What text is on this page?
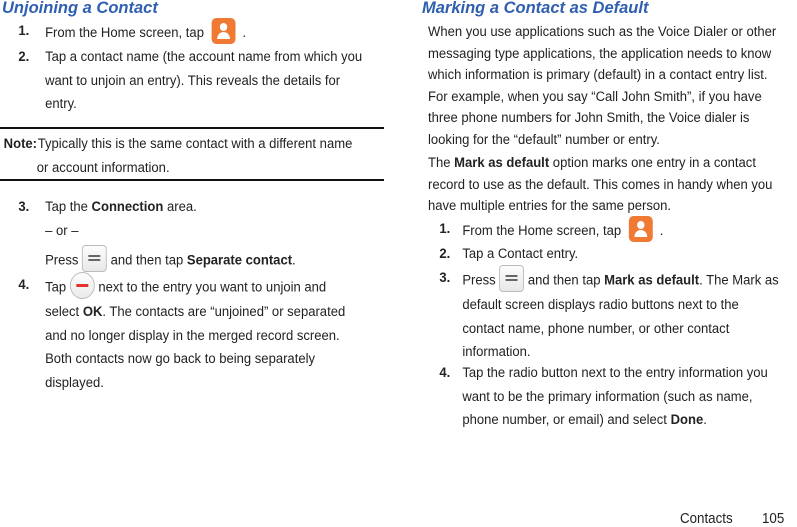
Unjoining a Contact
1. From the Home screen, tap	.
2. Tap a contact name (the account name from which you
want to unjoin an entry). This reveals the details for
entry.
Note: Typically this is the same contact with a different name
or account information.
3. Tap the Connection area.
– or –
Press and then tap Separate contact.
4. Tap next to the entry you want to unjoin and
select OK. The contacts are “unjoined” or separated
and no longer display in the merged record screen.
Both contacts now go back to being separately
displayed.
Marking a Contact as Default
When you use applications such as the Voice Dialer or other
messaging type applications, the application needs to know
which information is primary (default) in a contact entry list.
For example, when you say “Call John Smith”, if you have
three phone numbers for John Smith, the Voice dialer is
looking for the “default” number or entry.
The Mark as default option marks one entry in a contact
record to use as the default. This comes in handy when you
have multiple entries for the same person.
1. From the Home screen, tap	.
2. Tap a Contact entry.
3. Press and then tap Mark as default. The Mark as
default screen displays radio buttons next to the
contact name, phone number, or other contact
information.
4. Tap the radio button next to the entry information you
want to be the primary information (such as name,
phone number, or email) and select Done.
Contacts 105
